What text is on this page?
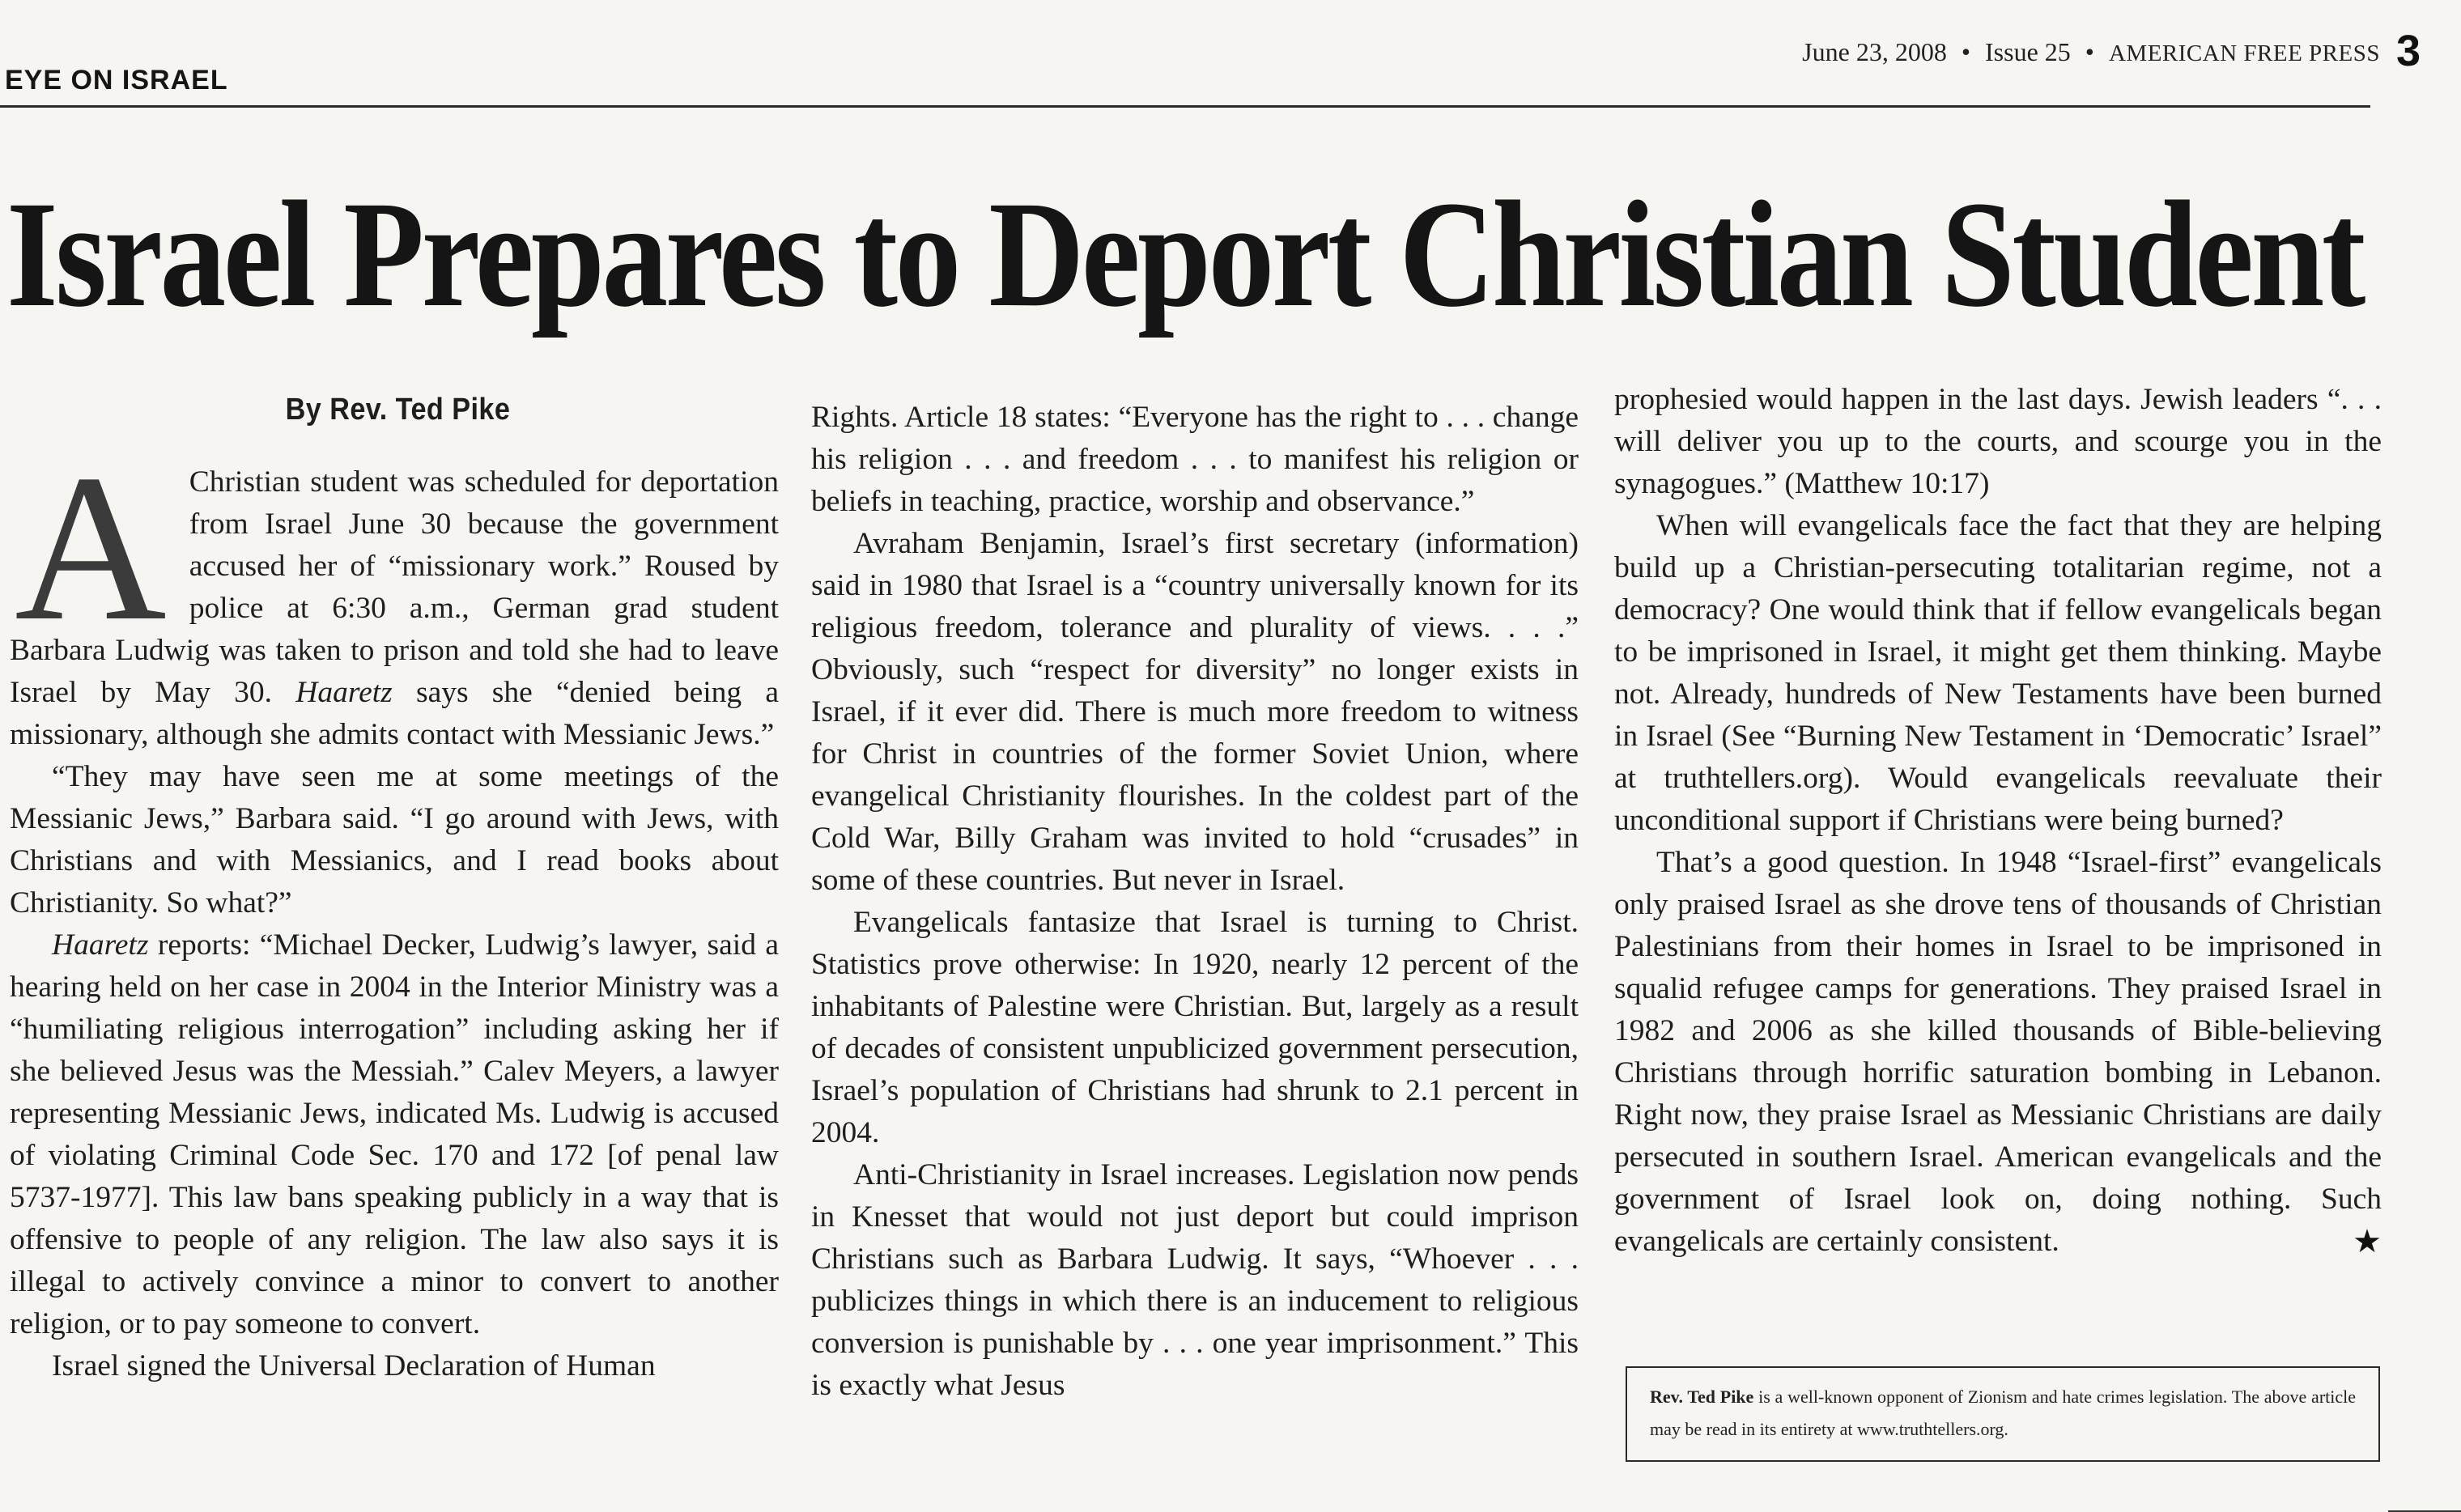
EYE ON ISRAEL
June 23, 2008 • Issue 25 • AMERICAN FREE PRESS 3
Israel Prepares to Deport Christian Student
By Rev. Ted Pike

A Christian student was scheduled for deportation from Israel June 30 because the government accused her of “missionary work.” Roused by police at 6:30 a.m., German grad student Barbara Ludwig was taken to prison and told she had to leave Israel by May 30. Haaretz says she “denied being a missionary, although she admits contact with Messianic Jews.”

“They may have seen me at some meetings of the Messianic Jews,” Barbara said. “I go around with Jews, with Christians and with Messianics, and I read books about Christianity. So what?”

Haaretz reports: “Michael Decker, Ludwig’s lawyer, said a hearing held on her case in 2004 in the Interior Ministry was a “humiliating religious interrogation” including asking her if she believed Jesus was the Messiah.” Calev Meyers, a lawyer representing Messianic Jews, indicated Ms. Ludwig is accused of violating Criminal Code Sec. 170 and 172 [of penal law 5737-1977]. This law bans speaking publicly in a way that is offensive to people of any religion. The law also says it is illegal to actively convince a minor to convert to another religion, or to pay someone to convert.

Israel signed the Universal Declaration of Human

Rights. Article 18 states: “Everyone has the right to . . . change his religion . . . and freedom . . . to manifest his religion or beliefs in teaching, practice, worship and observance.”

Avraham Benjamin, Israel’s first secretary (information) said in 1980 that Israel is a “country universally known for its religious freedom, tolerance and plurality of views. . . .” Obviously, such “respect for diversity” no longer exists in Israel, if it ever did. There is much more freedom to witness for Christ in countries of the former Soviet Union, where evangelical Christianity flourishes. In the coldest part of the Cold War, Billy Graham was invited to hold “crusades” in some of these countries. But never in Israel.

Evangelicals fantasize that Israel is turning to Christ. Statistics prove otherwise: In 1920, nearly 12 percent of the inhabitants of Palestine were Christian. But, largely as a result of decades of consistent unpublicized government persecution, Israel’s population of Christians had shrunk to 2.1 percent in 2004.

Anti-Christianity in Israel increases. Legislation now pends in Knesset that would not just deport but could imprison Christians such as Barbara Ludwig. It says, “Whoever . . . publicizes things in which there is an inducement to religious conversion is punishable by . . . one year imprisonment.” This is exactly what Jesus

prophesied would happen in the last days. Jewish leaders “. . . will deliver you up to the courts, and scourge you in the synagogues.” (Matthew 10:17)

When will evangelicals face the fact that they are helping build up a Christian-persecuting totalitarian regime, not a democracy? One would think that if fellow evangelicals began to be imprisoned in Israel, it might get them thinking. Maybe not. Already, hundreds of New Testaments have been burned in Israel (See “Burning New Testament in ‘Democratic’ Israel” at truthtellers.org). Would evangelicals reevaluate their unconditional support if Christians were being burned?

That’s a good question. In 1948 “Israel-first” evangelicals only praised Israel as she drove tens of thousands of Christian Palestinians from their homes in Israel to be imprisoned in squalid refugee camps for generations. They praised Israel in 1982 and 2006 as she killed thousands of Bible-believing Christians through horrific saturation bombing in Lebanon. Right now, they praise Israel as Messianic Christians are daily persecuted in southern Israel. American evangelicals and the government of Israel look on, doing nothing. Such evangelicals are certainly consistent.	★

Rev. Ted Pike is a well-known opponent of Zionism and hate crimes legislation. The above article may be read in its entirety at www.truthtellers.org.
